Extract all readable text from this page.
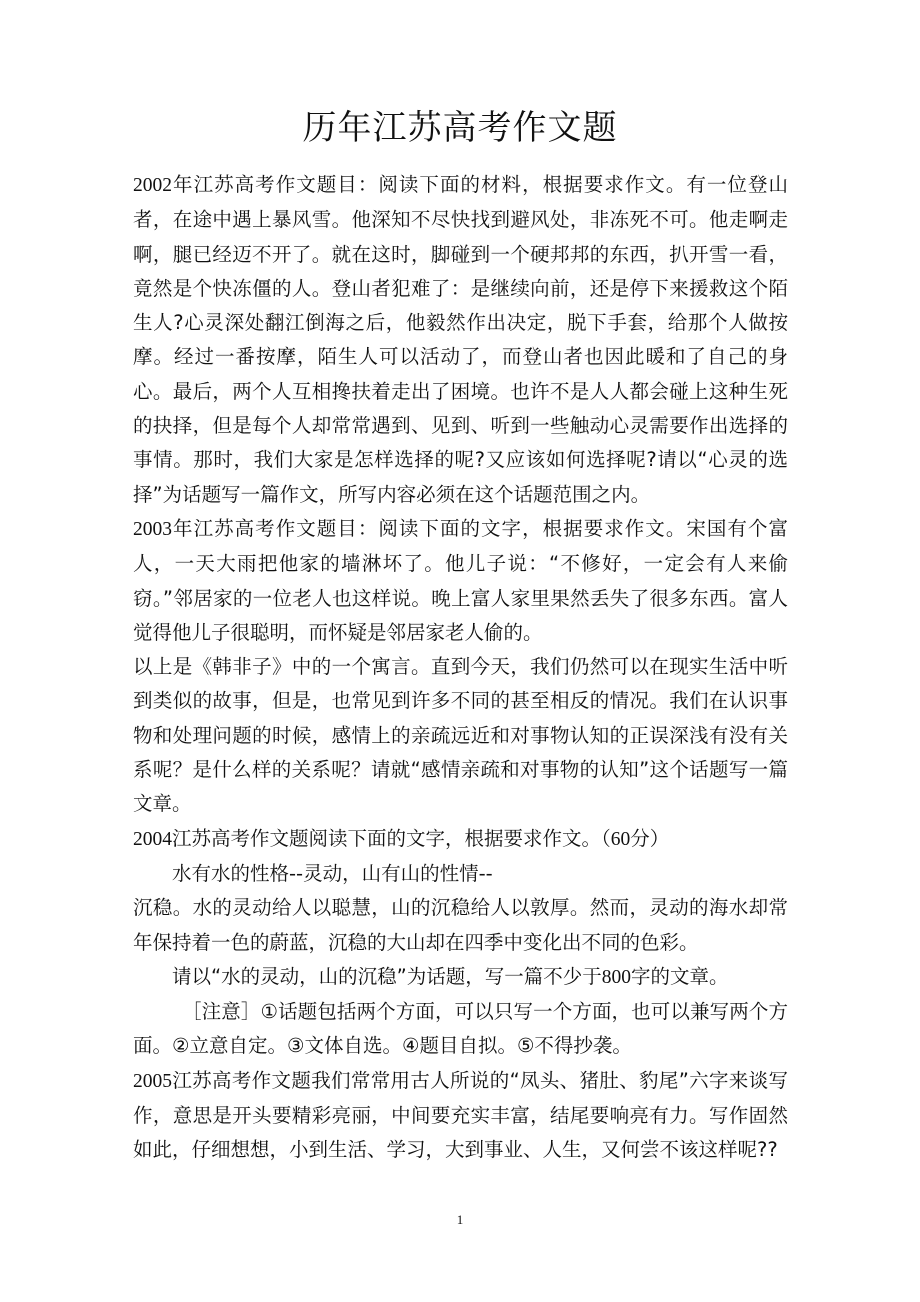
历年江苏高考作文题

2002年江苏高考作文题目：阅读下面的材料，根据要求作文。有一位登山者，在途中遇上暴风雪。他深知不尽快找到避风处，非冻死不可。他走啊走啊，腿已经迈不开了。就在这时，脚碰到一个硬邦邦的东西，扒开雪一看，竟然是个快冻僵的人。登山者犯难了：是继续向前，还是停下来援救这个陌生人?心灵深处翻江倒海之后，他毅然作出决定，脱下手套，给那个人做按摩。经过一番按摩，陌生人可以活动了，而登山者也因此暖和了自己的身心。最后，两个人互相搀扶着走出了困境。也许不是人人都会碰上这种生死的抉择，但是每个人却常常遇到、见到、听到一些触动心灵需要作出选择的事情。那时，我们大家是怎样选择的呢?又应该如何选择呢?请以“心灵的选择”为话题写一篇作文，所写内容必须在这个话题范围之内。

2003年江苏高考作文题目：阅读下面的文字，根据要求作文。宋国有个富人，一天大雨把他家的墙淋坏了。他儿子说：“不修好，一定会有人来偷窃。”邻居家的一位老人也这样说。晚上富人家里果然丢失了很多东西。富人觉得他儿子很聪明，而怀疑是邻居家老人偷的。

以上是《韩非子》中的一个寓言。直到今天，我们仍然可以在现实生活中听到类似的故事，但是，也常见到许多不同的甚至相反的情况。我们在认识事物和处理问题的时候，感情上的亲疏远近和对事物认知的正误深浅有没有关系呢？是什么样的关系呢？请就“感情亲疏和对事物的认知”这个话题写一篇文章。

2004江苏高考作文题阅读下面的文字，根据要求作文。（60分）

水有水的性格--灵动，山有山的性情--

沉稳。水的灵动给人以聪慧，山的沉稳给人以敦厚。然而，灵动的海水却常年保持着一色的蔚蓝，沉稳的大山却在四季中变化出不同的色彩。

请以“水的灵动，山的沉稳”为话题，写一篇不少于800字的文章。

［注意］①话题包括两个方面，可以只写一个方面，也可以兼写两个方面。②立意自定。③文体自选。④题目自拟。⑤不得抄袭。

2005江苏高考作文题我们常常用古人所说的“凤头、猪肚、豹尾”六字来谈写作，意思是开头要精彩亮丽，中间要充实丰富，结尾要响亮有力。写作固然如此，仔细想想，小到生活、学习，大到事业、人生，又何尝不该这样呢??

1
